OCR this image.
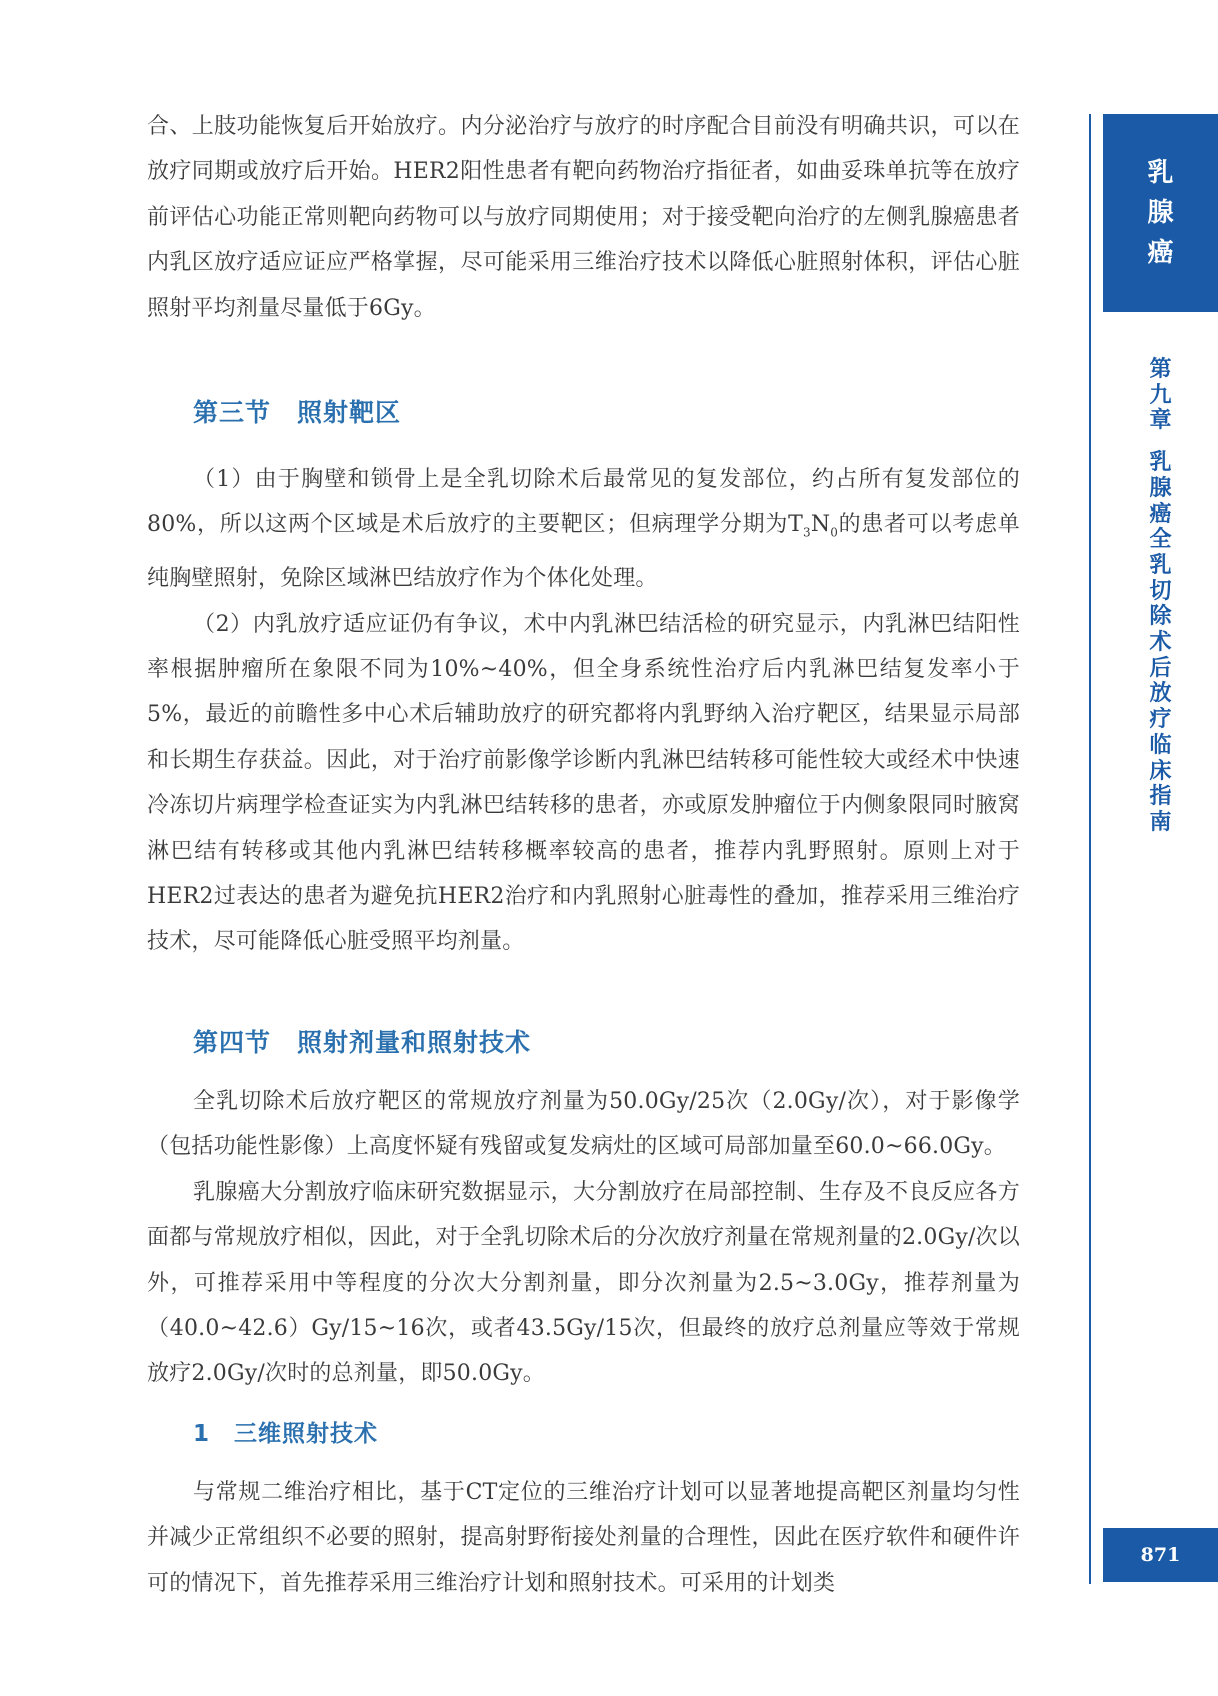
合、上肢功能恢复后开始放疗。内分泌治疗与放疗的时序配合目前没有明确共识，可以在放疗同期或放疗后开始。HER2阳性患者有靶向药物治疗指征者，如曲妥珠单抗等在放疗前评估心功能正常则靶向药物可以与放疗同期使用；对于接受靶向治疗的左侧乳腺癌患者内乳区放疗适应证应严格掌握，尽可能采用三维治疗技术以降低心脏照射体积，评估心脏照射平均剂量尽量低于6Gy。

第三节　照射靶区

（1）由于胸壁和锁骨上是全乳切除术后最常见的复发部位，约占所有复发部位的80%，所以这两个区域是术后放疗的主要靶区；但病理学分期为$T_3N_0$的患者可以考虑单纯胸壁照射，免除区域淋巴结放疗作为个体化处理。

（2）内乳放疗适应证仍有争议，术中内乳淋巴结活检的研究显示，内乳淋巴结阳性率根据肿瘤所在象限不同为10%~40%，但全身系统性治疗后内乳淋巴结复发率小于5%，最近的前瞻性多中心术后辅助放疗的研究都将内乳野纳入治疗靶区，结果显示局部和长期生存获益。因此，对于治疗前影像学诊断内乳淋巴结转移可能性较大或经术中快速冷冻切片病理学检查证实为内乳淋巴结转移的患者，亦或原发肿瘤位于内侧象限同时腋窝淋巴结有转移或其他内乳淋巴结转移概率较高的患者，推荐内乳野照射。原则上对于HER2过表达的患者为避免抗HER2治疗和内乳照射心脏毒性的叠加，推荐采用三维治疗技术，尽可能降低心脏受照平均剂量。

第四节　照射剂量和照射技术

全乳切除术后放疗靶区的常规放疗剂量为50.0Gy/25次（2.0Gy/次），对于影像学（包括功能性影像）上高度怀疑有残留或复发病灶的区域可局部加量至60.0~66.0Gy。

乳腺癌大分割放疗临床研究数据显示，大分割放疗在局部控制、生存及不良反应各方面都与常规放疗相似，因此，对于全乳切除术后的分次放疗剂量在常规剂量的2.0Gy/次以外，可推荐采用中等程度的分次大分割剂量，即分次剂量为2.5~3.0Gy，推荐剂量为（40.0~42.6）Gy/15~16次，或者43.5Gy/15次，但最终的放疗总剂量应等效于常规放疗2.0Gy/次时的总剂量，即50.0Gy。

1　三维照射技术

与常规二维治疗相比，基于CT定位的三维治疗计划可以显著地提高靶区剂量均匀性并减少正常组织不必要的照射，提高射野衔接处剂量的合理性，因此在医疗软件和硬件许可的情况下，首先推荐采用三维治疗计划和照射技术。可采用的计划类

乳
腺
癌
第
九
章
乳
腺
癌
全
乳
切
除
术
后
放
疗
临
床
指
南
871
